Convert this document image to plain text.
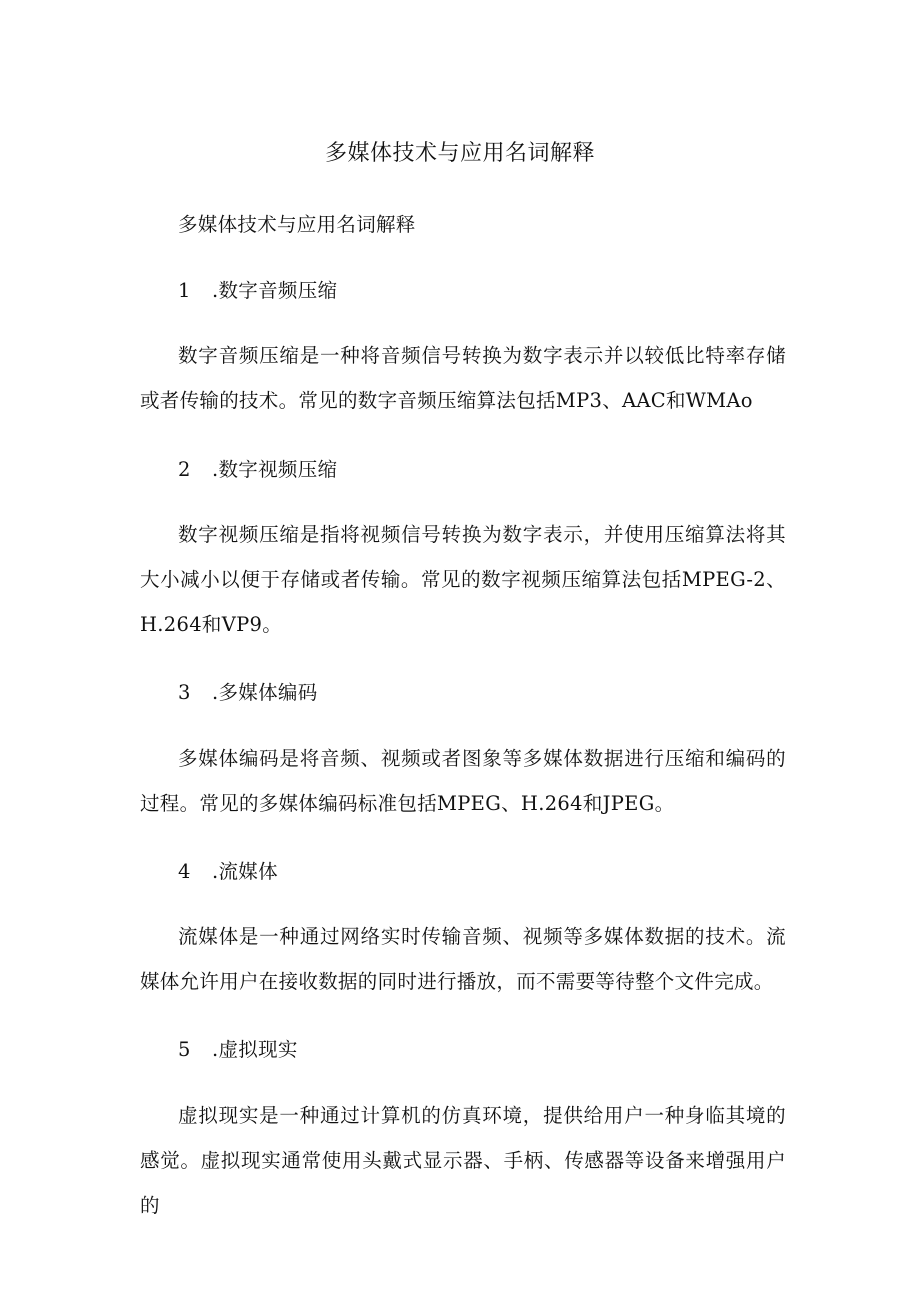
多媒体技术与应用名词解释

多媒体技术与应用名词解释

1 .数字音频压缩

数字音频压缩是一种将音频信号转换为数字表示并以较低比特率存储或者传输的技术。常见的数字音频压缩算法包括MP3、AAC和WMAo

2 .数字视频压缩

数字视频压缩是指将视频信号转换为数字表示，并使用压缩算法将其大小减小以便于存储或者传输。常见的数字视频压缩算法包括MPEG-2、H.264和VP9。

3 .多媒体编码

多媒体编码是将音频、视频或者图象等多媒体数据进行压缩和编码的过程。常见的多媒体编码标准包括MPEG、H.264和JPEG。

4 .流媒体

流媒体是一种通过网络实时传输音频、视频等多媒体数据的技术。流媒体允许用户在接收数据的同时进行播放，而不需要等待整个文件完成。

5 .虚拟现实

虚拟现实是一种通过计算机的仿真环境，提供给用户一种身临其境的感觉。虚拟现实通常使用头戴式显示器、手柄、传感器等设备来增强用户的
